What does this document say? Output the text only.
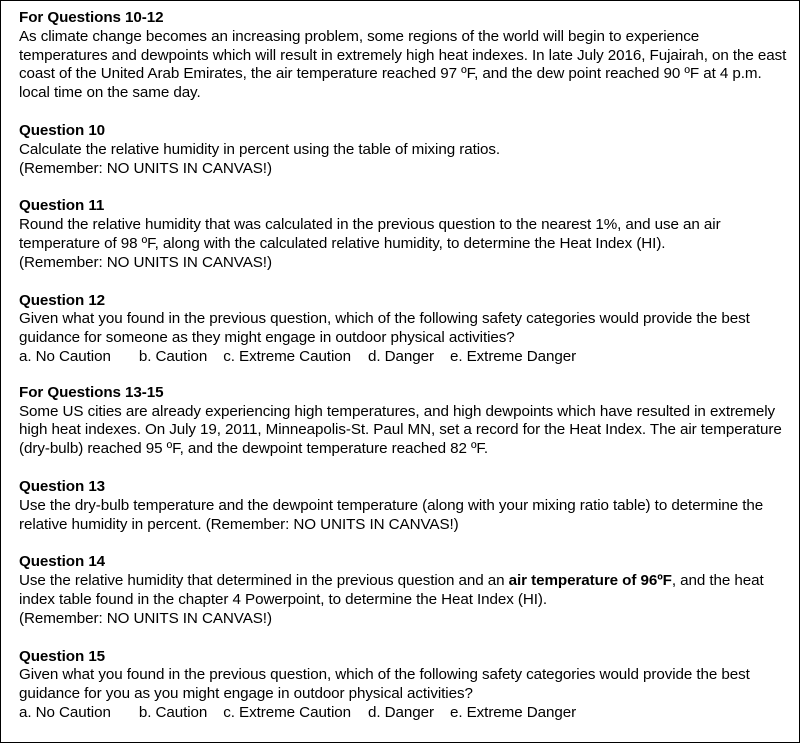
For Questions 10-12

As climate change becomes an increasing problem, some regions of the world will begin to experience temperatures and dewpoints which will result in extremely high heat indexes. In late July 2016, Fujairah, on the east coast of the United Arab Emirates, the air temperature reached 97 ºF, and the dew point reached 90 ºF at 4 p.m. local time on the same day.

Question 10

Calculate the relative humidity in percent using the table of mixing ratios.

(Remember: NO UNITS IN CANVAS!)

Question 11

Round the relative humidity that was calculated in the previous question to the nearest 1%, and use an air temperature of 98 ºF, along with the calculated relative humidity, to determine the Heat Index (HI).

(Remember: NO UNITS IN CANVAS!)

Question 12

Given what you found in the previous question, which of the following safety categories would provide the best guidance for someone as they might engage in outdoor physical activities?

a. No Caution b. Caution c. Extreme Caution d. Danger e. Extreme Danger

For Questions 13-15

Some US cities are already experiencing high temperatures, and high dewpoints which have resulted in extremely high heat indexes. On July 19, 2011, Minneapolis-St. Paul MN, set a record for the Heat Index. The air temperature (dry-bulb) reached 95 ºF, and the dewpoint temperature reached 82 ºF.

Question 13

Use the dry-bulb temperature and the dewpoint temperature (along with your mixing ratio table) to determine the relative humidity in percent. (Remember: NO UNITS IN CANVAS!)

Question 14

Use the relative humidity that determined in the previous question and an air temperature of 96ºF, and the heat index table found in the chapter 4 Powerpoint, to determine the Heat Index (HI).

(Remember: NO UNITS IN CANVAS!)

Question 15

Given what you found in the previous question, which of the following safety categories would provide the best guidance for you as you might engage in outdoor physical activities?

a. No Caution b. Caution c. Extreme Caution d. Danger e. Extreme Danger
